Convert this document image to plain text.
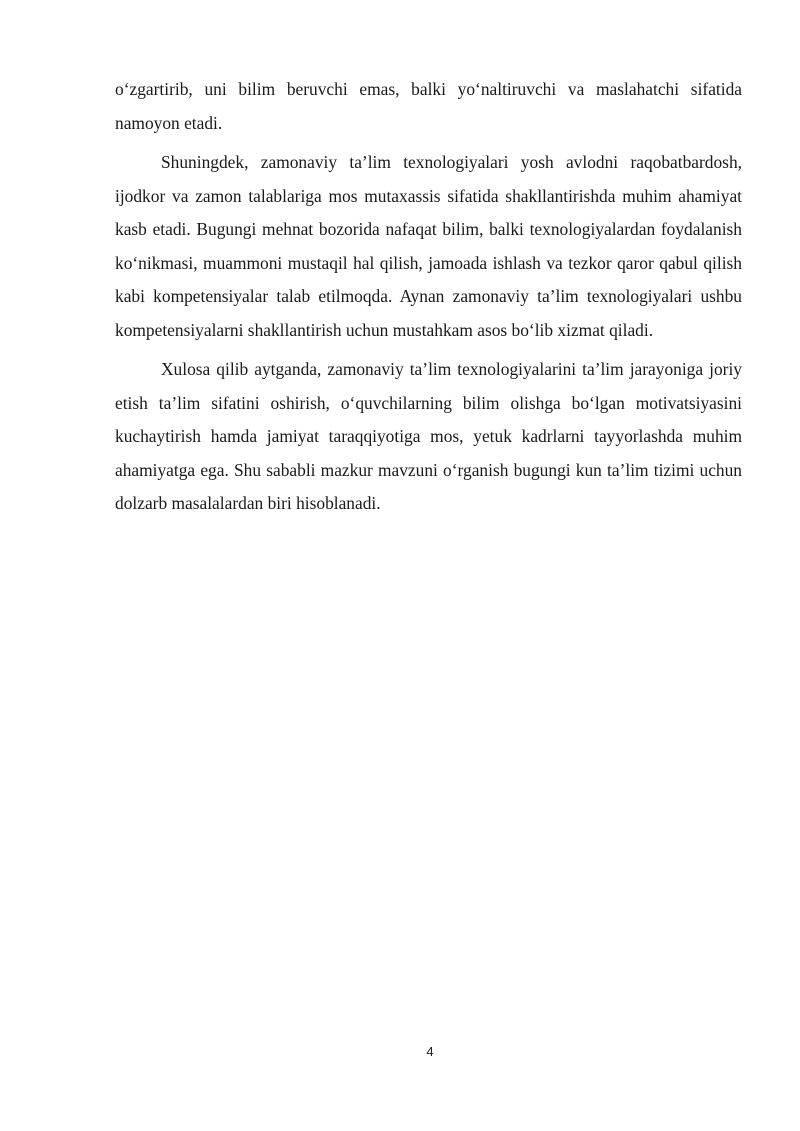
o‘zgartirib, uni bilim beruvchi emas, balki yo‘naltiruvchi va maslahatchi sifatida namoyon etadi.

Shuningdek, zamonaviy ta’lim texnologiyalari yosh avlodni raqobatbardosh, ijodkor va zamon talablariga mos mutaxassis sifatida shakllantirishda muhim ahamiyat kasb etadi. Bugungi mehnat bozorida nafaqat bilim, balki texnologiyalardan foydalanish ko‘nikmasi, muammoni mustaqil hal qilish, jamoada ishlash va tezkor qaror qabul qilish kabi kompetensiyalar talab etilmoqda. Aynan zamonaviy ta’lim texnologiyalari ushbu kompetensiyalarni shakllantirish uchun mustahkam asos bo‘lib xizmat qiladi.

Xulosa qilib aytganda, zamonaviy ta’lim texnologiyalarini ta’lim jarayoniga joriy etish ta’lim sifatini oshirish, o‘quvchilarning bilim olishga bo‘lgan motivatsiyasini kuchaytirish hamda jamiyat taraqqiyotiga mos, yetuk kadrlarni tayyorlashda muhim ahamiyatga ega. Shu sababli mazkur mavzuni o‘rganish bugungi kun ta’lim tizimi uchun dolzarb masalalardan biri hisoblanadi.

4
